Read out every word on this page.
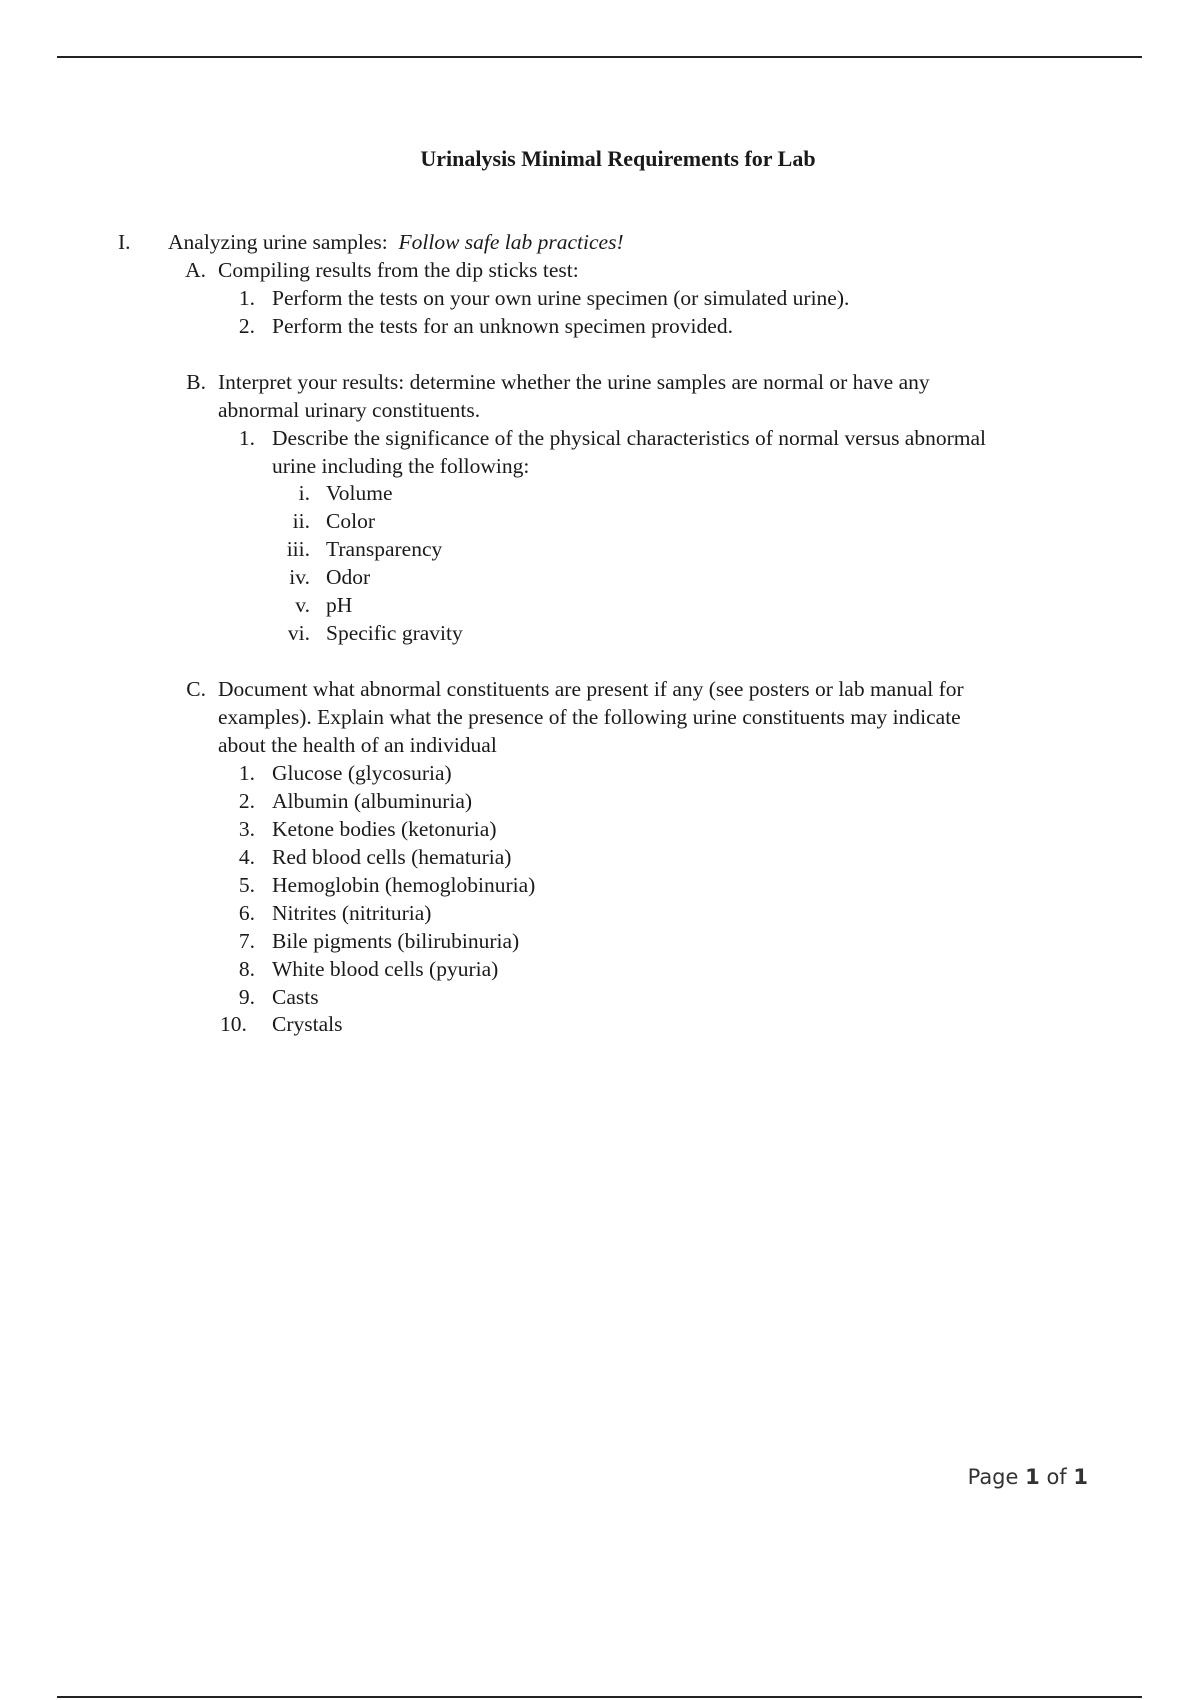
Urinalysis Minimal Requirements for Lab
I.	Analyzing urine samples: Follow safe lab practices!
A. Compiling results from the dip sticks test:
1. Perform the tests on your own urine specimen (or simulated urine).
2. Perform the tests for an unknown specimen provided.
B. Interpret your results: determine whether the urine samples are normal or have any
abnormal urinary constituents.
1. Describe the significance of the physical characteristics of normal versus abnormal
urine including the following:
i. Volume
ii. Color
iii. Transparency
iv. Odor
v. pH
vi. Specific gravity
C. Document what abnormal constituents are present if any (see posters or lab manual for
examples). Explain what the presence of the following urine constituents may indicate
about the health of an individual
1. Glucose (glycosuria)
2. Albumin (albuminuria)
3. Ketone bodies (ketonuria)
4. Red blood cells (hematuria)
5. Hemoglobin (hemoglobinuria)
6. Nitrites (nitrituria)
7. Bile pigments (bilirubinuria)
8. White blood cells (pyuria)
9. Casts
10.	Crystals
Page 1 of 1
